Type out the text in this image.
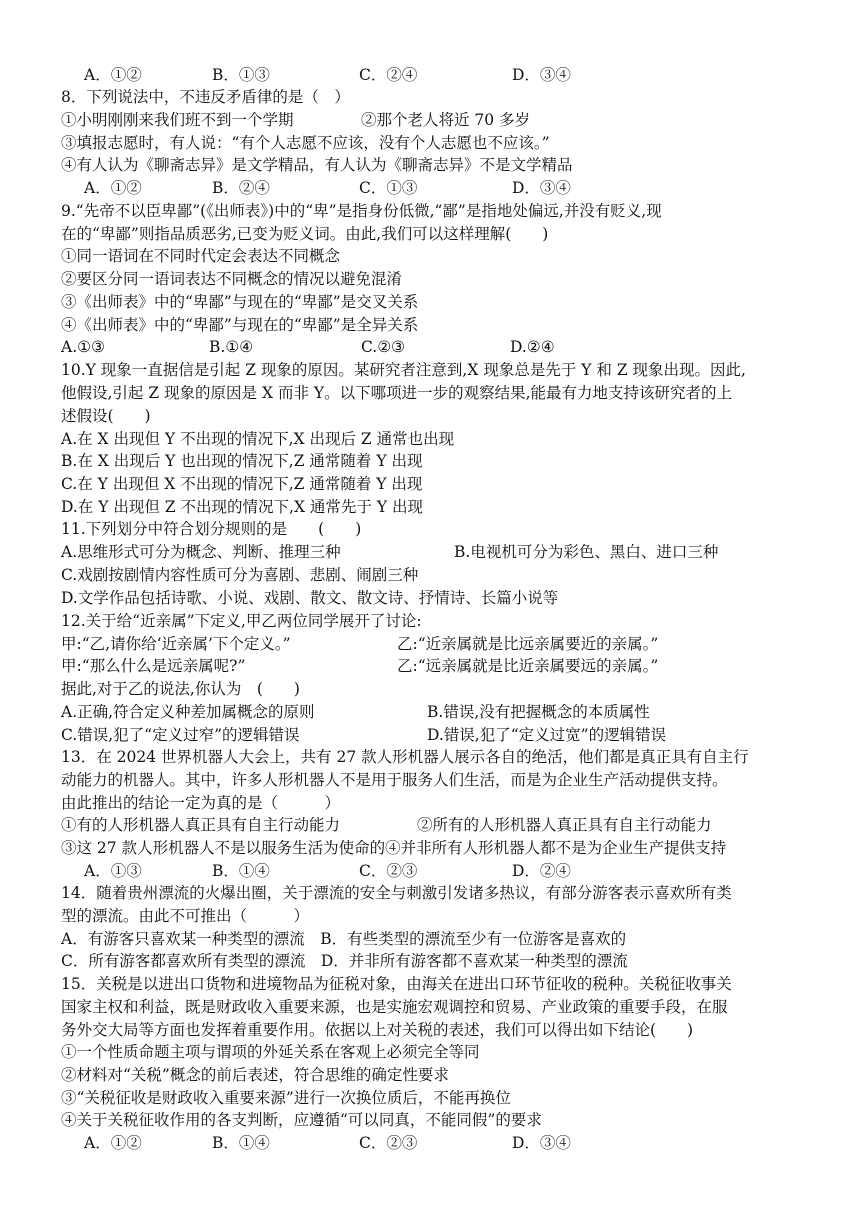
A．①②	B．①③	C．②④	D．③④
8．下列说法中，不违反矛盾律的是（　）
①小明刚刚来我们班不到一个学期	②那个老人将近 70 多岁
③填报志愿时，有人说：“有个人志愿不应该，没有个人志愿也不应该。”
④有人认为《聊斋志异》是文学精品，有人认为《聊斋志异》不是文学精品
A．①②	B．②④	C．①③	D．③④
9.“先帝不以臣卑鄙”(《出师表》)中的“卑”是指身份低微,“鄙”是指地处偏远,并没有贬义,现
在的“卑鄙”则指品质恶劣,已变为贬义词。由此,我们可以这样理解(　　)
①同一语词在不同时代定会表达不同概念
②要区分同一语词表达不同概念的情况以避免混淆
③《出师表》中的“卑鄙”与现在的“卑鄙”是交叉关系
④《出师表》中的“卑鄙”与现在的“卑鄙”是全异关系
A.①③	B.①④	C.②③	D.②④
10.Y 现象一直据信是引起 Z 现象的原因。某研究者注意到,X 现象总是先于 Y 和 Z 现象出现。因此,
他假设,引起 Z 现象的原因是 X 而非 Y。以下哪项进一步的观察结果,能最有力地支持该研究者的上
述假设(　　)
A.在 X 出现但 Y 不出现的情况下,X 出现后 Z 通常也出现
B.在 X 出现后 Y 也出现的情况下,Z 通常随着 Y 出现
C.在 Y 出现但 X 不出现的情况下,Z 通常随着 Y 出现
D.在 Y 出现但 Z 不出现的情况下,X 通常先于 Y 出现
11.下列划分中符合划分规则的是　　(　　)
A.思维形式可分为概念、判断、推理三种	B.电视机可分为彩色、黑白、进口三种
C.戏剧按剧情内容性质可分为喜剧、悲剧、闹剧三种
D.文学作品包括诗歌、小说、戏剧、散文、散文诗、抒情诗、长篇小说等
12.关于给“近亲属”下定义,甲乙两位同学展开了讨论:
甲:“乙,请你给‘近亲属’下个定义。”	乙:“近亲属就是比远亲属要近的亲属。”
甲:“那么什么是远亲属呢?”	乙:“远亲属就是比近亲属要远的亲属。”
据此,对于乙的说法,你认为　(　　)
A.正确,符合定义种差加属概念的原则	B.错误,没有把握概念的本质属性
C.错误,犯了“定义过窄”的逻辑错误	D.错误,犯了“定义过宽”的逻辑错误
13．在 2024 世界机器人大会上，共有 27 款人形机器人展示各自的绝活，他们都是真正具有自主行
动能力的机器人。其中，许多人形机器人不是用于服务人们生活，而是为企业生产活动提供支持。
由此推出的结论一定为真的是（　　　）
①有的人形机器人真正具有自主行动能力	②所有的人形机器人真正具有自主行动能力
③这 27 款人形机器人不是以服务生活为使命的④并非所有人形机器人都不是为企业生产提供支持
A．①③	B．①④	C．②③	D．②④
14．随着贵州漂流的火爆出圈，关于漂流的安全与刺激引发诸多热议，有部分游客表示喜欢所有类
型的漂流。由此不可推出（　　　）
A．有游客只喜欢某一种类型的漂流　B．有些类型的漂流至少有一位游客是喜欢的
C．所有游客都喜欢所有类型的漂流　D．并非所有游客都不喜欢某一种类型的漂流
15．关税是以进出口货物和进境物品为征税对象，由海关在进出口环节征收的税种。关税征收事关
国家主权和利益，既是财政收入重要来源，也是实施宏观调控和贸易、产业政策的重要手段，在服
务外交大局等方面也发挥着重要作用。依据以上对关税的表述，我们可以得出如下结论(　　)
①一个性质命题主项与谓项的外延关系在客观上必须完全等同
②材料对“关税”概念的前后表述，符合思维的确定性要求
③“关税征收是财政收入重要来源”进行一次换位质后，不能再换位
④关于关税征收作用的各支判断，应遵循“可以同真，不能同假”的要求
A．①②	B．①④	C．②③	D．③④
